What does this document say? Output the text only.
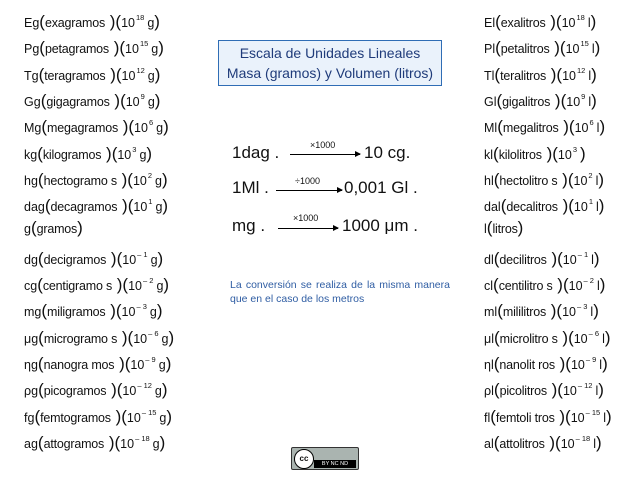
Eg(exagramos )($10^{18}$ g)
Pg(petagramos )($10^{15}$ g)
Tg(teragramos )($10^{12}$ g)
Gg(gigagramos )($10^9$ g)
Mg(megagramos )($10^6$ g)
kg(kilogramos )($10^3$ g)
hg(hectogramo s )($10^2$ g)
dag(decagramos )($10^1$ g)
g(gramos)
dg(decigramos )($10^{- 1}$ g)
cg(centigramo s )($10^{- 2}$ g)
mg(miligramos )($10^{- 3}$ g)
μg(microgramo s )($10^{- 6}$ g)
ηg(nanogra mos )($10^{- 9}$ g)
ρg(picogramos )($10^{- 12}$ g)
fg(femtogramos )($10^{- 15}$ g)
ag(attogramos )($10^{- 18}$ g)
El(exalitros )($10^{18}$ l)
Pl(petalitros )($10^{15}$ l)
Tl(teralitros )($10^{12}$ l)
Gl(gigalitros )($10^9$ l)
Ml(megalitros )($10^6$ l)
kl(kilolitros )($10^3$ )
hl(hectolitro s )($10^2$ l)
dal(decalitros )($10^1$ l)
l(litros)
dl(decilitros )($10^{- 1}$ l)
cl(centilitro s )($10^{- 2}$ l)
ml(mililitros )($10^{- 3}$ l)
μl(microlitro s )($10^{- 6}$ l)
ηl(nanolit ros )($10^{- 9}$ l)
ρl(picolitros )($10^{- 12}$ l)
fl(femtoli tros )($10^{- 15}$ l)
al(attolitros )($10^{- 18}$ l)
Escala de Unidades Lineales
Masa (gramos) y Volumen (litros)
1dag .	×1000 10 cg.
1Ml .	÷1000 0,001 Gl .
mg .	×1000 1000 μm .
La conversión se realiza de la misma manera que en el caso de los metros
cc
BY NC ND
